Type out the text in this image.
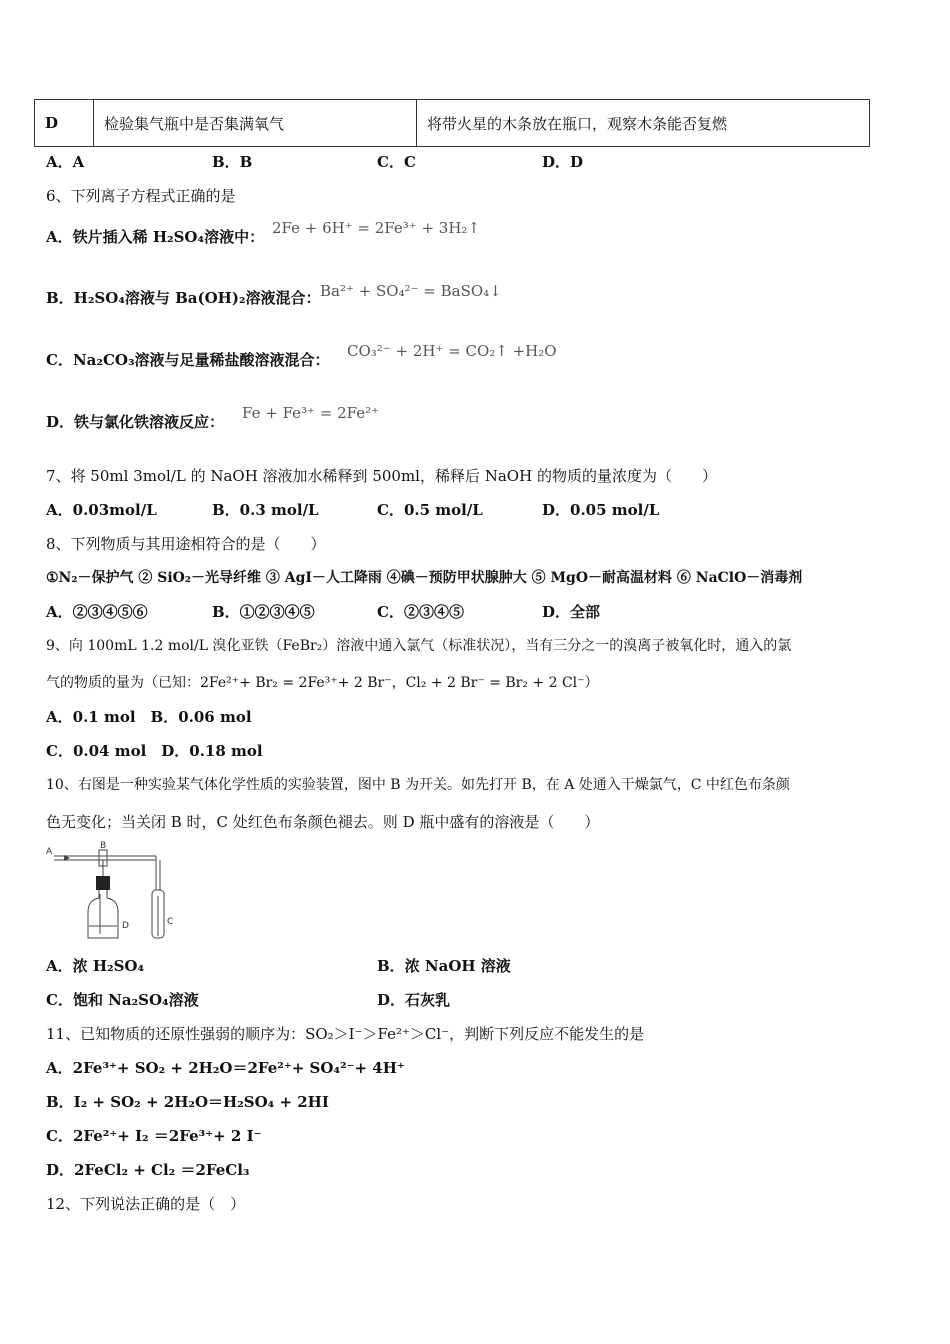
D	检验集气瓶中是否集满氧气	将带火星的木条放在瓶口，观察木条能否复燃
A．A	B．B	C．C	D．D
6、下列离子方程式正确的是
A．铁片插入稀 H₂SO₄溶液中： 2Fe + 6H⁺ = 2Fe³⁺ + 3H₂↑
B．H₂SO₄溶液与 Ba(OH)₂溶液混合： Ba²⁺ + SO₄²⁻ = BaSO₄↓
C．Na₂CO₃溶液与足量稀盐酸溶液混合： CO₃²⁻ + 2H⁺ = CO₂↑ +H₂O
D．铁与氯化铁溶液反应： Fe + Fe³⁺ = 2Fe²⁺
7、将 50ml 3mol/L 的 NaOH 溶液加水稀释到 500ml，稀释后 NaOH 的物质的量浓度为（　　）
A．0.03mol/L	B．0.3 mol/L	C．0.5 mol/L	D．0.05 mol/L
8、下列物质与其用途相符合的是（　　）
①N₂－保护气 ② SiO₂－光导纤维 ③ AgI－人工降雨 ④碘－预防甲状腺肿大 ⑤ MgO－耐高温材料 ⑥ NaClO－消毒剂
A．②③④⑤⑥	B．①②③④⑤	C．②③④⑤	D．全部
9、向 100mL 1.2 mol/L 溴化亚铁（FeBr₂）溶液中通入氯气（标准状况），当有三分之一的溴离子被氧化时，通入的氯
气的物质的量为（已知：2Fe²⁺+ Br₂ = 2Fe³⁺+ 2 Br⁻，Cl₂ + 2 Br⁻ = Br₂ + 2 Cl⁻）
A．0.1 mol　B．0.06 mol
C．0.04 mol　D．0.18 mol
10、右图是一种实验某气体化学性质的实验装置，图中 B 为开关。如先打开 B，在 A 处通入干燥氯气，C 中红色布条颜
色无变化；当关闭 B 时，C 处红色布条颜色褪去。则 D 瓶中盛有的溶液是（　　）
A
B
D	C
A．浓 H₂SO₄	B．浓 NaOH 溶液
C．饱和 Na₂SO₄溶液	D．石灰乳
11、已知物质的还原性强弱的顺序为：SO₂＞I⁻＞Fe²⁺＞Cl⁻，判断下列反应不能发生的是
A．2Fe³⁺+ SO₂ + 2H₂O＝2Fe²⁺+ SO₄²⁻+ 4H⁺
B．I₂ + SO₂ + 2H₂O＝H₂SO₄ + 2HI
C．2Fe²⁺+ I₂ ＝2Fe³⁺+ 2 I⁻
D．2FeCl₂ + Cl₂ ＝2FeCl₃
12、下列说法正确的是（　）
